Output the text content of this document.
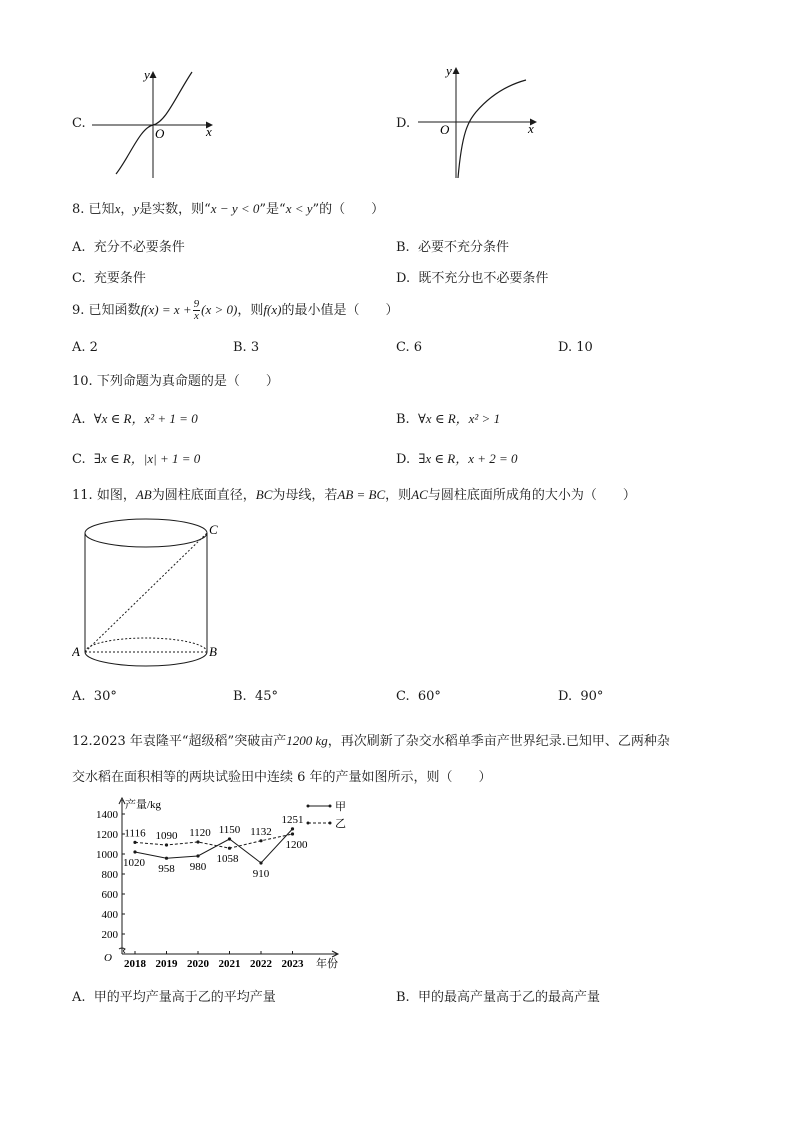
C.
x
y
O
D.	x
y
O
8. 已知x，y是实数，则“x − y < 0”是“x < y”的（　　）
A. 充分不必要条件	B. 必要不充分条件
C. 充要条件	D. 既不充分也不必要条件
9. 已知函数$f(x) = x + \frac{9}{x} (x > 0)$，则f(x)的最小值是（　　）
A. 2	B. 3	C. 6	D. 10
10. 下列命题为真命题的是（　　）
A. ∀x ∈ R，x² + 1 = 0	B. ∀x ∈ R，x² > 1
C. ∃x ∈ R，|x| + 1 = 0	D. ∃x ∈ R，x + 2 = 0
11. 如图，AB为圆柱底面直径，BC为母线，若AB = BC，则AC与圆柱底面所成角的大小为（　　）
A	B
C
A. 30°	B. 45°	C. 60°	D. 90°
12.2023 年袁隆平“超级稻”突破亩产1200 kg，再次刷新了杂交水稻单季亩产世界纪录.已知甲、乙两种杂
交水稻在面积相等的两块试验田中连续 6 年的产量如图所示，则（　　）
O
产量/kg
年份
200
400
600
800
1000
1200
1400
2018 2019 2020 2021 2022 2023
1020
958 980
1150
910
1251
甲
1116 1090 1120
1058
1132
1200
乙
A. 甲的平均产量高于乙的平均产量	B. 甲的最高产量高于乙的最高产量
